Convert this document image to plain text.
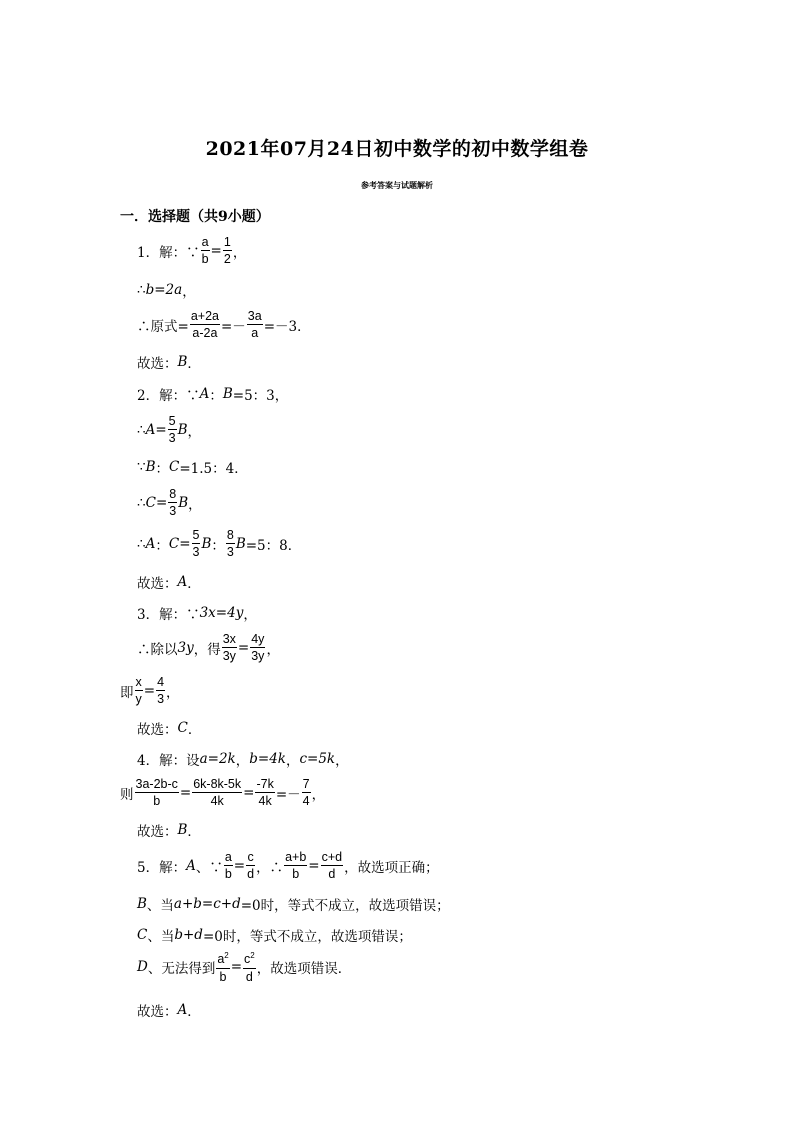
2021年07月24日初中数学的初中数学组卷
参考答案与试题解析
一．选择题（共9小题）
1．解：∵ $\frac{a}{b} = \frac{1}{2}$ ，
∴ b=2a ，
∴原式= $\frac{a+2a}{a-2a} =- \frac{3a}{a} =-3$．
故选： B ．
2．解：∵ A ： B =5：3，
∴ $A = \frac{5}{3}$ B ，
∵ B ： C =1.5：4．
∴ $C = \frac{8}{3}$ B ，
∴ A ： $C = \frac{5}{3}$ B ： $\frac{8}{3}$ B =5：8．
故选： A ．
3．解：∵ 3x=4y ，
∴除以 3y ，得 $\frac{3x}{3y} = \frac{4y}{3y}$ ，
即 $\frac{x}{y} = \frac{4}{3}$ ，
故选： C ．
4．解：设 a=2k ， b=4k ， c=5k ，
则 $\frac{3a-2b-c}{b} = \frac{6k-8k-5k}{4k} = \frac{-7k}{4k} =- \frac{7}{4}$ ，
故选： B ．
5．解： A 、∵ $\frac{a}{b} = \frac{c}{d}$ ，∴ $\frac{a+b}{b} = \frac{c+d}{d}$ ，故选项正确；
B 、当 a+b=c+d =0时，等式不成立，故选项错误；
C 、当 b+d =0时，等式不成立，故选项错误；
D 、无法得到 $\frac{a^2}{b} = \frac{c^2}{d}$ ，故选项错误．
故选： A ．
